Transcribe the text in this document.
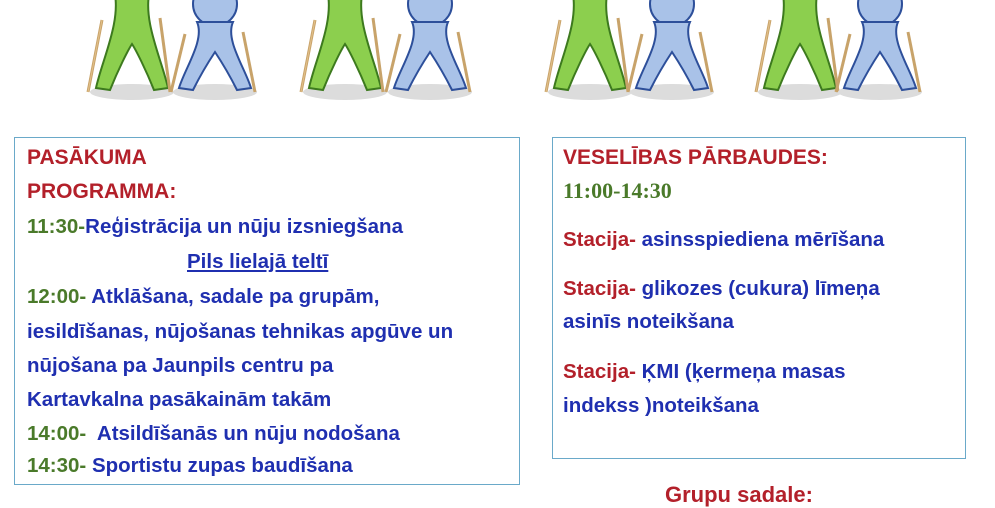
PASĀKUMA
PROGRAMMA:
11:30-Reģistrācija un nūju izsniegšana
Pils lielajā teltī
12:00- Atklāšana, sadale pa grupām,
iesildīšanas, nūjošanas tehnikas apgūve un
nūjošana pa Jaunpils centru pa
Kartavkalna pasākainām takām
14:00-  Atsildīšanās un nūju nodošana
14:30- Sportistu zupas baudīšana
VESELĪBAS PĀRBAUDES:
11:00-14:30
Stacija- asinsspiediena mērīšana
Stacija- glikozes (cukura) līmeņa
asinīs noteikšana
Stacija- ĶMI (ķermeņa masas
indekss )noteikšana
Grupu sadale:
